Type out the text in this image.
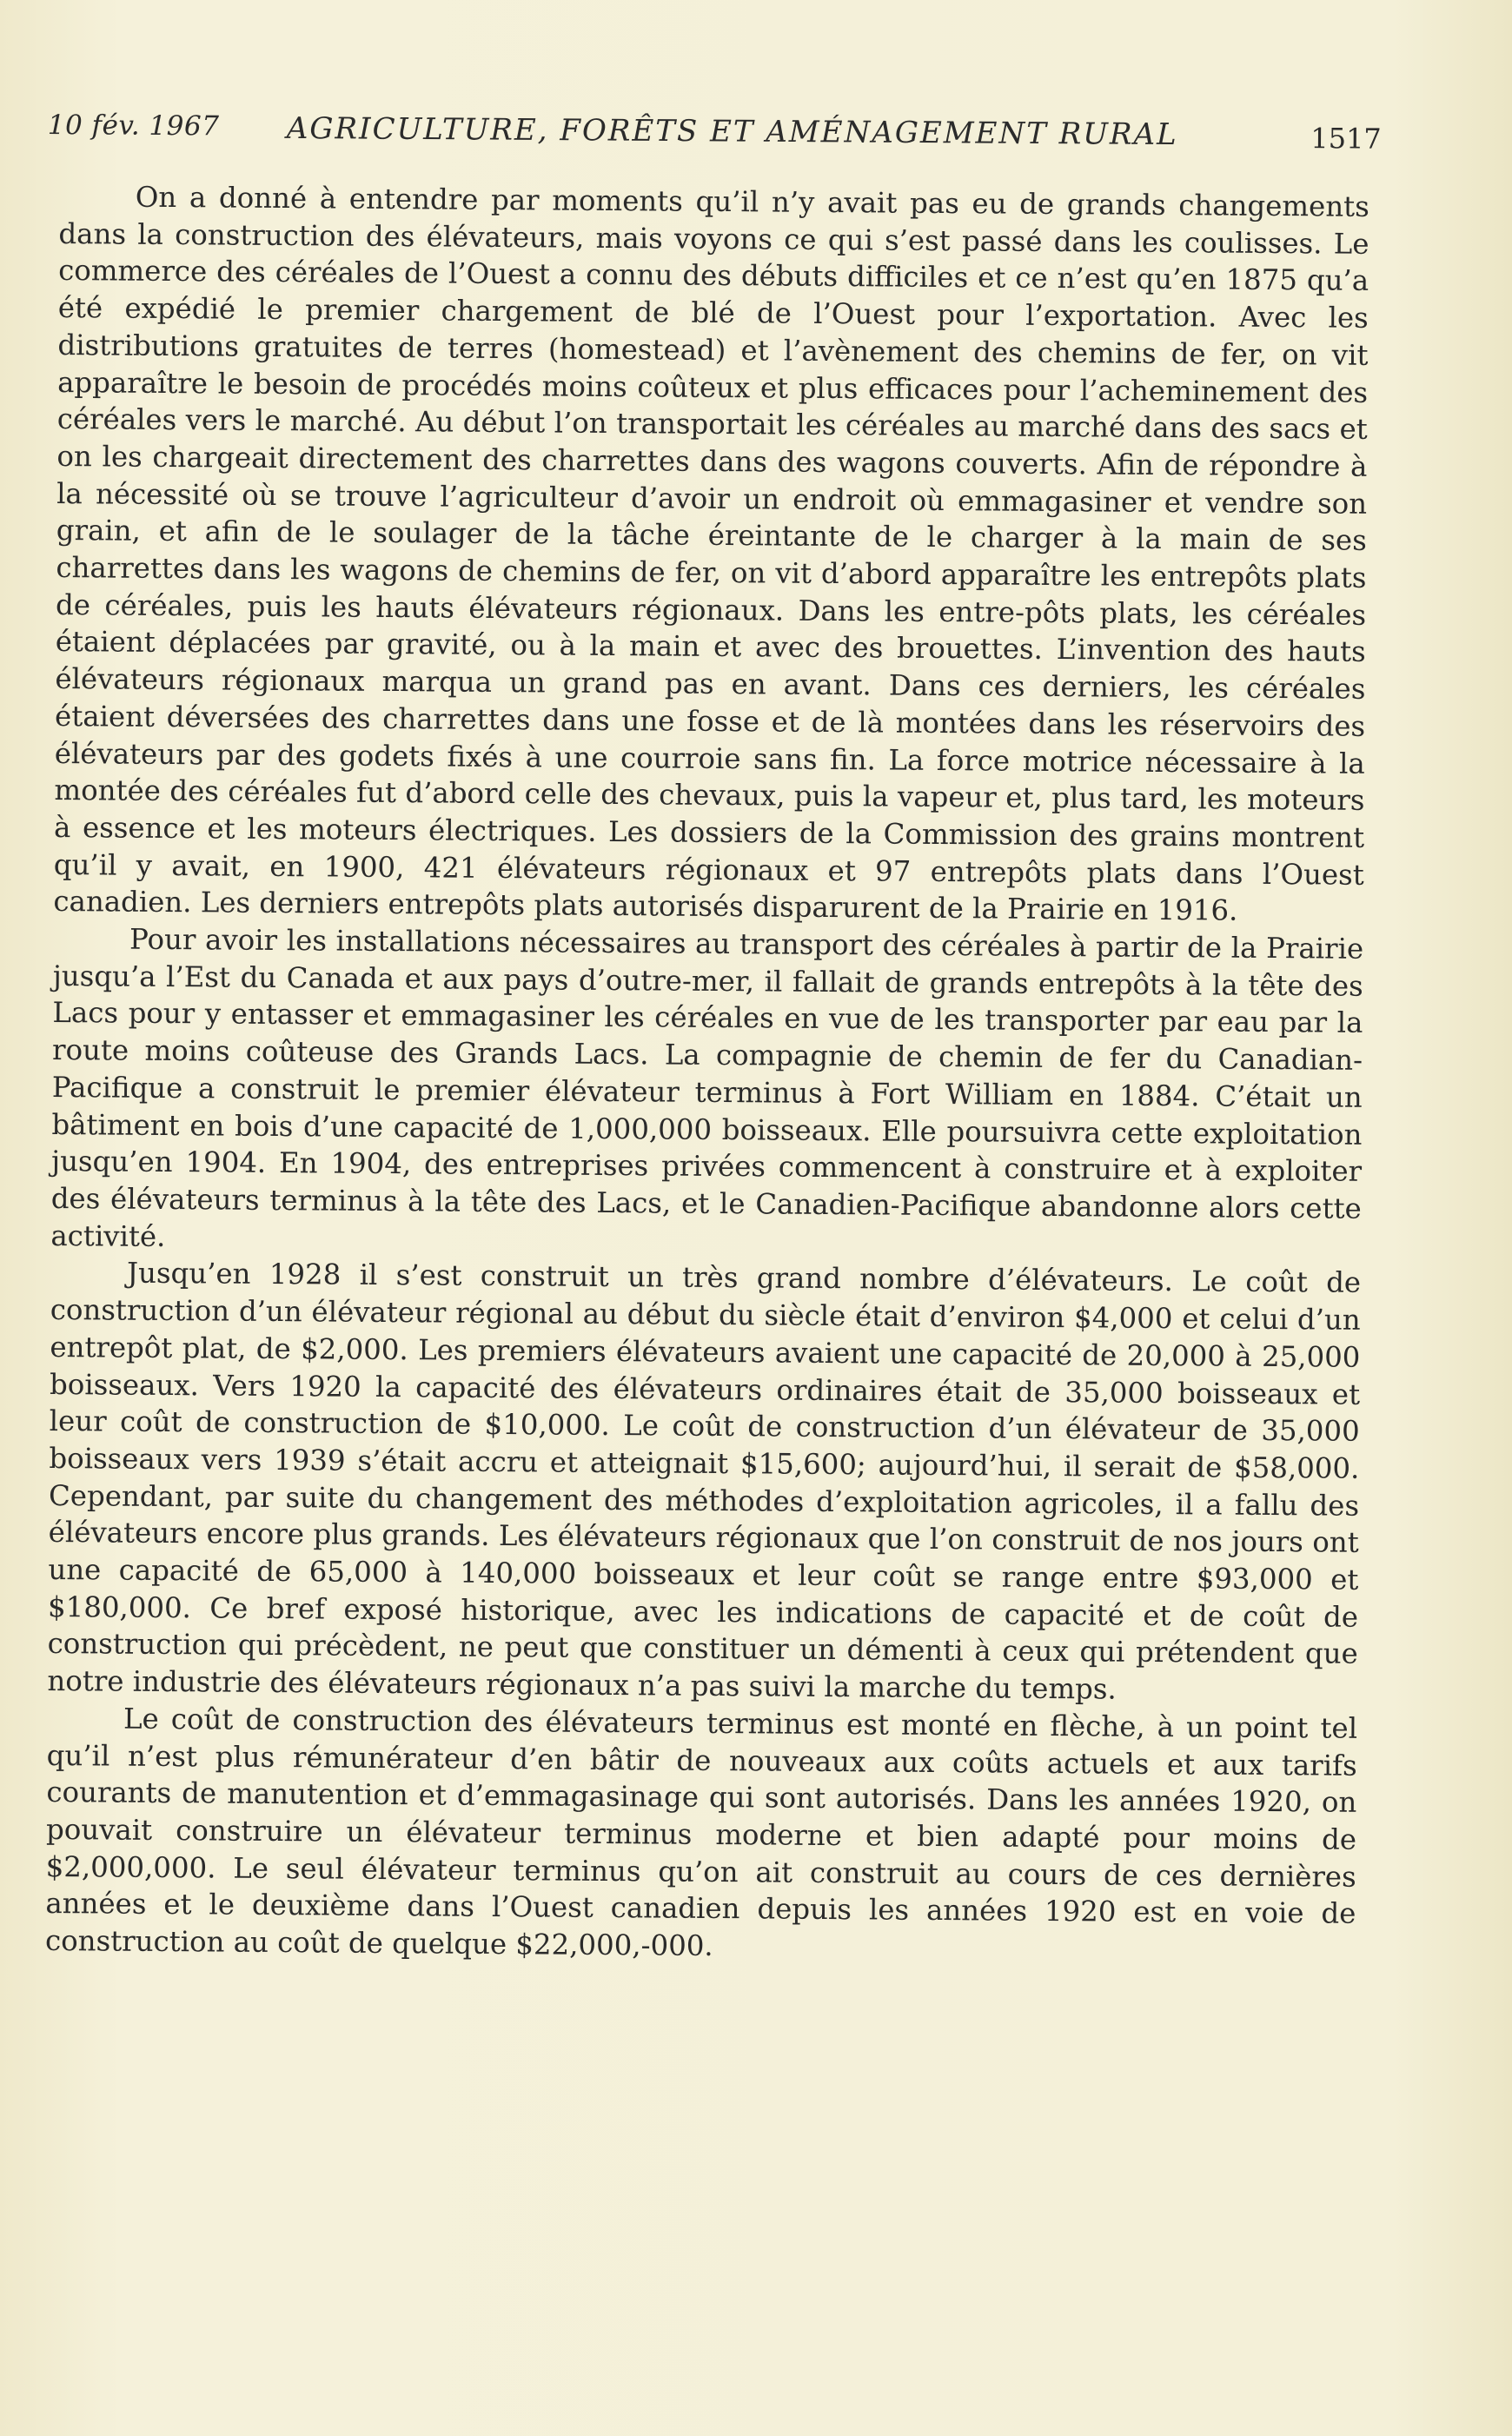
10 fév. 1967 AGRICULTURE, FORÊTS ET AMÉNAGEMENT RURAL	1517

On a donné à entendre par moments qu’il n’y avait pas eu de grands changements dans la construction des élévateurs, mais voyons ce qui s’est passé dans les coulisses. Le commerce des céréales de l’Ouest a connu des débuts difficiles et ce n’est qu’en 1875 qu’a été expédié le premier chargement de blé de l’Ouest pour l’exportation. Avec les distributions gratuites de terres (homestead) et l’avènement des chemins de fer, on vit apparaître le besoin de procédés moins coûteux et plus efficaces pour l’acheminement des céréales vers le marché. Au début l’on transportait les céréales au marché dans des sacs et on les chargeait directement des charrettes dans des wagons couverts. Afin de répondre à la nécessité où se trouve l’agriculteur d’avoir un endroit où emmagasiner et vendre son grain, et afin de le soulager de la tâche éreintante de le charger à la main de ses charrettes dans les wagons de chemins de fer, on vit d’abord apparaître les entrepôts plats de céréales, puis les hauts élévateurs régionaux. Dans les entre-pôts plats, les céréales étaient déplacées par gravité, ou à la main et avec des brouettes. L’invention des hauts élévateurs régionaux marqua un grand pas en avant. Dans ces derniers, les céréales étaient déversées des charrettes dans une fosse et de là montées dans les réservoirs des élévateurs par des godets fixés à une courroie sans fin. La force motrice nécessaire à la montée des céréales fut d’abord celle des chevaux, puis la vapeur et, plus tard, les moteurs à essence et les moteurs électriques. Les dossiers de la Commission des grains montrent qu’il y avait, en 1900, 421 élévateurs régionaux et 97 entrepôts plats dans l’Ouest canadien. Les derniers entrepôts plats autorisés disparurent de la Prairie en 1916.

Pour avoir les installations nécessaires au transport des céréales à partir de la Prairie jusqu’a l’Est du Canada et aux pays d’outre-mer, il fallait de grands entrepôts à la tête des Lacs pour y entasser et emmagasiner les céréales en vue de les transporter par eau par la route moins coûteuse des Grands Lacs. La compagnie de chemin de fer du Canadian-Pacifique a construit le premier élévateur terminus à Fort William en 1884. C’était un bâtiment en bois d’une capacité de 1,000,000 boisseaux. Elle poursuivra cette exploitation jusqu’en 1904. En 1904, des entreprises privées commencent à construire et à exploiter des élévateurs terminus à la tête des Lacs, et le Canadien-Pacifique abandonne alors cette activité.

Jusqu’en 1928 il s’est construit un très grand nombre d’élévateurs. Le coût de construction d’un élévateur régional au début du siècle était d’environ $4,000 et celui d’un entrepôt plat, de $2,000. Les premiers élévateurs avaient une capacité de 20,000 à 25,000 boisseaux. Vers 1920 la capacité des élévateurs ordinaires était de 35,000 boisseaux et leur coût de construction de $10,000. Le coût de construction d’un élévateur de 35,000 boisseaux vers 1939 s’était accru et atteignait $15,600; aujourd’hui, il serait de $58,000. Cependant, par suite du changement des méthodes d’exploitation agricoles, il a fallu des élévateurs encore plus grands. Les élévateurs régionaux que l’on construit de nos jours ont une capacité de 65,000 à 140,000 boisseaux et leur coût se range entre $93,000 et $180,000. Ce bref exposé historique, avec les indications de capacité et de coût de construction qui précèdent, ne peut que constituer un démenti à ceux qui prétendent que notre industrie des élévateurs régionaux n’a pas suivi la marche du temps.

Le coût de construction des élévateurs terminus est monté en flèche, à un point tel qu’il n’est plus rémunérateur d’en bâtir de nouveaux aux coûts actuels et aux tarifs courants de manutention et d’emmagasinage qui sont autorisés. Dans les années 1920, on pouvait construire un élévateur terminus moderne et bien adapté pour moins de $2,000,000. Le seul élévateur terminus qu’on ait construit au cours de ces dernières années et le deuxième dans l’Ouest canadien depuis les années 1920 est en voie de construction au coût de quelque $22,000,-000.
